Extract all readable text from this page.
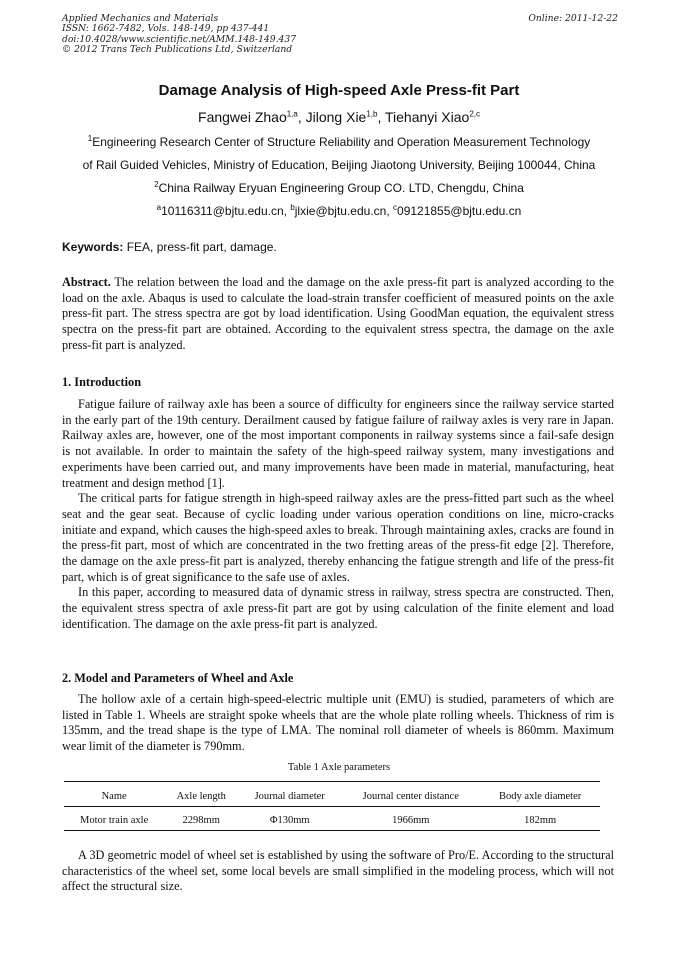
Applied Mechanics and Materials
ISSN: 1662-7482, Vols. 148-149, pp 437-441
doi:10.4028/www.scientific.net/AMM.148-149.437
© 2012 Trans Tech Publications Ltd, Switzerland
Online: 2011-12-22
Damage Analysis of High-speed Axle Press-fit Part
Fangwei Zhao$^{1,a}$, Jilong Xie$^{1,b}$, Tiehanyi Xiao$^{2,c}$
$^1$Engineering Research Center of Structure Reliability and Operation Measurement Technology
of Rail Guided Vehicles, Ministry of Education, Beijing Jiaotong University, Beijing 100044, China
$^2$China Railway Eryuan Engineering Group CO. LTD, Chengdu, China
$^a$10116311@bjtu.edu.cn, $^b$jlxie@bjtu.edu.cn, $^c$09121855@bjtu.edu.cn
Keywords: FEA, press-fit part, damage.

Abstract. The relation between the load and the damage on the axle press-fit part is analyzed according to the load on the axle. Abaqus is used to calculate the load-strain transfer coefficient of measured points on the axle press-fit part. The stress spectra are got by load identification. Using GoodMan equation, the equivalent stress spectra on the press-fit part are obtained. According to the equivalent stress spectra, the damage on the axle press-fit part is analyzed.

1. Introduction

Fatigue failure of railway axle has been a source of difficulty for engineers since the railway service started in the early part of the 19th century. Derailment caused by fatigue failure of railway axles is very rare in Japan. Railway axles are, however, one of the most important components in railway systems since a fail-safe design is not available. In order to maintain the safety of the high-speed railway system, many investigations and experiments have been carried out, and many improvements have been made in material, manufacturing, heat treatment and design method [1].

The critical parts for fatigue strength in high-speed railway axles are the press-fitted part such as the wheel seat and the gear seat. Because of cyclic loading under various operation conditions on line, micro-cracks initiate and expand, which causes the high-speed axles to break. Through maintaining axles, cracks are found in the press-fit part, most of which are concentrated in the two fretting areas of the press-fit edge [2]. Therefore, the damage on the axle press-fit part is analyzed, thereby enhancing the fatigue strength and life of the press-fit part, which is of great significance to the safe use of axles.

In this paper, according to measured data of dynamic stress in railway, stress spectra are constructed. Then, the equivalent stress spectra of axle press-fit part are got by using calculation of the finite element and load identification. The damage on the axle press-fit part is analyzed.

2. Model and Parameters of Wheel and Axle

The hollow axle of a certain high-speed-electric multiple unit (EMU) is studied, parameters of which are listed in Table 1. Wheels are straight spoke wheels that are the whole plate rolling wheels. Thickness of rim is 135mm, and the tread shape is the type of LMA. The nominal roll diameter of wheels is 860mm. Maximum wear limit of the diameter is 790mm.

Table 1 Axle parameters
Name	Axle length	Journal diameter	Journal center distance	Body axle diameter
Motor train axle	2298mm	Φ130mm	1966mm	182mm

A 3D geometric model of wheel set is established by using the software of Pro/E. According to the structural characteristics of the wheel set, some local bevels are small simplified in the modeling process, which will not affect the structural size.
